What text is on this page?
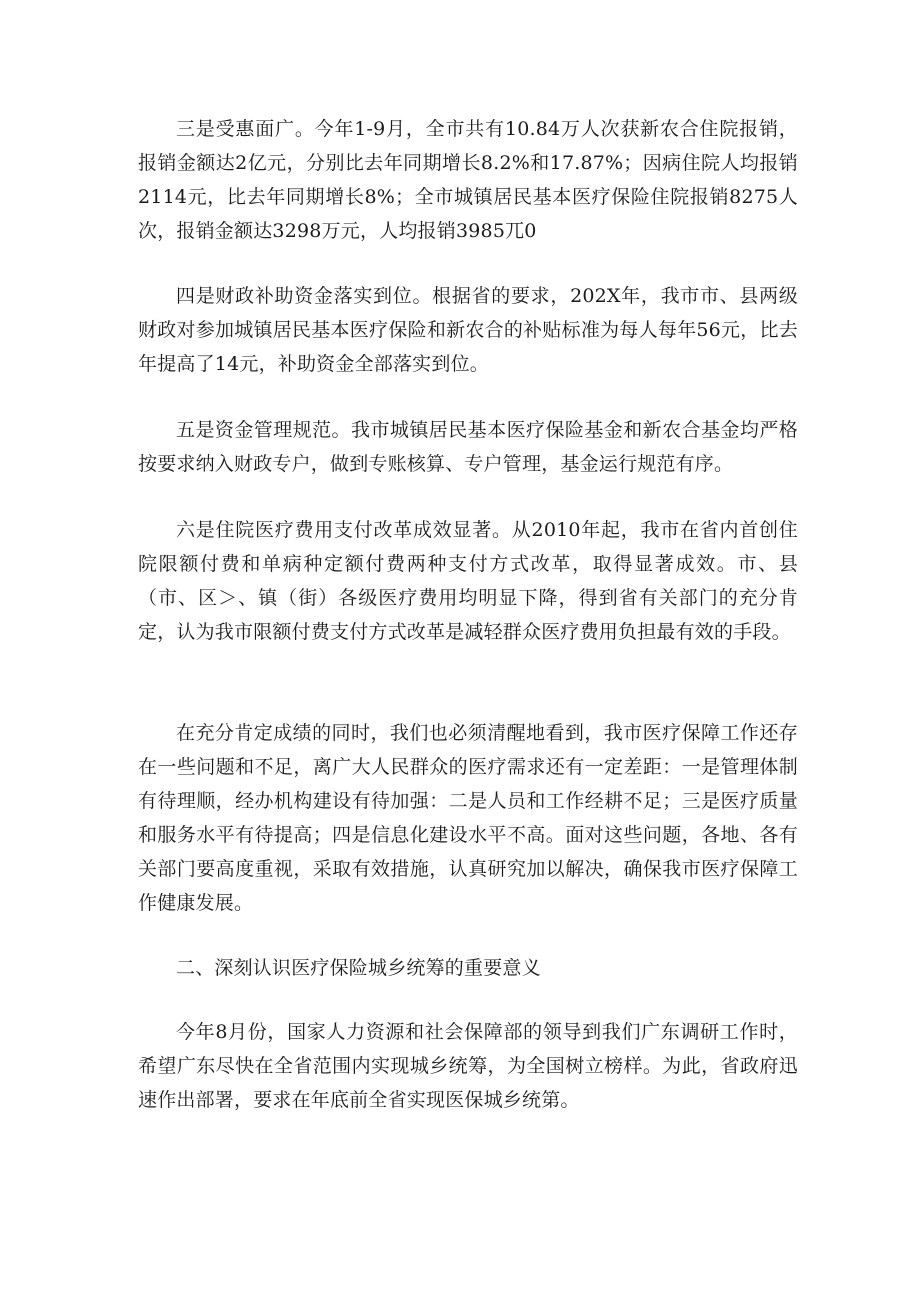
三是受惠面广。今年1-9月，全市共有10.84万人次获新农合住院报销，报销金额达2亿元，分别比去年同期增长8.2%和17.87%；因病住院人均报销2114元，比去年同期增长8%；全市城镇居民基本医疗保险住院报销8275人次，报销金额达3298万元，人均报销3985兀0

四是财政补助资金落实到位。根据省的要求，202X年，我市市、县两级财政对参加城镇居民基本医疗保险和新农合的补贴标准为每人每年56元，比去年提高了14元，补助资金全部落实到位。

五是资金管理规范。我市城镇居民基本医疗保险基金和新农合基金均严格按要求纳入财政专户，做到专账核算、专户管理，基金运行规范有序。

六是住院医疗费用支付改革成效显著。从2010年起，我市在省内首创住院限额付费和单病种定额付费两种支付方式改革，取得显著成效。市、县（市、区＞、镇（街）各级医疗费用均明显下降，得到省有关部门的充分肯定，认为我市限额付费支付方式改革是减轻群众医疗费用负担最有效的手段。

在充分肯定成绩的同时，我们也必须清醒地看到，我市医疗保障工作还存在一些问题和不足，离广大人民群众的医疗需求还有一定差距：一是管理体制有待理顺，经办机构建设有待加强：二是人员和工作经耕不足；三是医疗质量和服务水平有待提高；四是信息化建设水平不高。面对这些问题，各地、各有关部门要高度重视，采取有效措施，认真研究加以解决，确保我市医疗保障工作健康发展。

二、深刻认识医疗保险城乡统筹的重要意义

今年8月份，国家人力资源和社会保障部的领导到我们广东调研工作时，希望广东尽快在全省范围内实现城乡统筹，为全国树立榜样。为此，省政府迅速作出部署，要求在年底前全省实现医保城乡统第。
